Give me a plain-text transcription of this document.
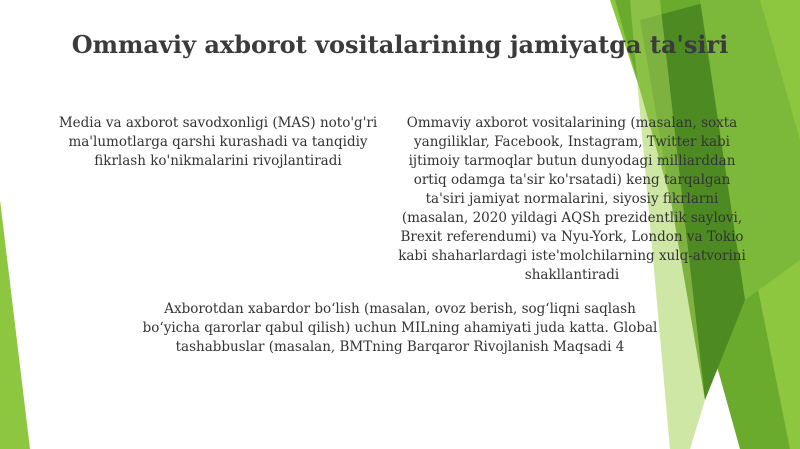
Ommaviy axborot vositalarining jamiyatga ta'siri

Media va axborot savodxonligi (MAS) noto'g'ri ma'lumotlarga qarshi kurashadi va tanqidiy fikrlash ko'nikmalarini rivojlantiradi

Ommaviy axborot vositalarining (masalan, soxta yangiliklar, Facebook, Instagram, Twitter kabi ijtimoiy tarmoqlar butun dunyodagi milliarddan ortiq odamga ta'sir ko'rsatadi) keng tarqalgan ta'siri jamiyat normalarini, siyosiy fikrlarni (masalan, 2020 yildagi AQSh prezidentlik saylovi, Brexit referendumi) va Nyu-York, London va Tokio kabi shaharlardagi iste'molchilarning xulq-atvorini shakllantiradi

Axborotdan xabardor boʻlish (masalan, ovoz berish, sogʻliqni saqlash boʻyicha qarorlar qabul qilish) uchun MILning ahamiyati juda katta. Global tashabbuslar (masalan, BMTning Barqaror Rivojlanish Maqsadi 4
